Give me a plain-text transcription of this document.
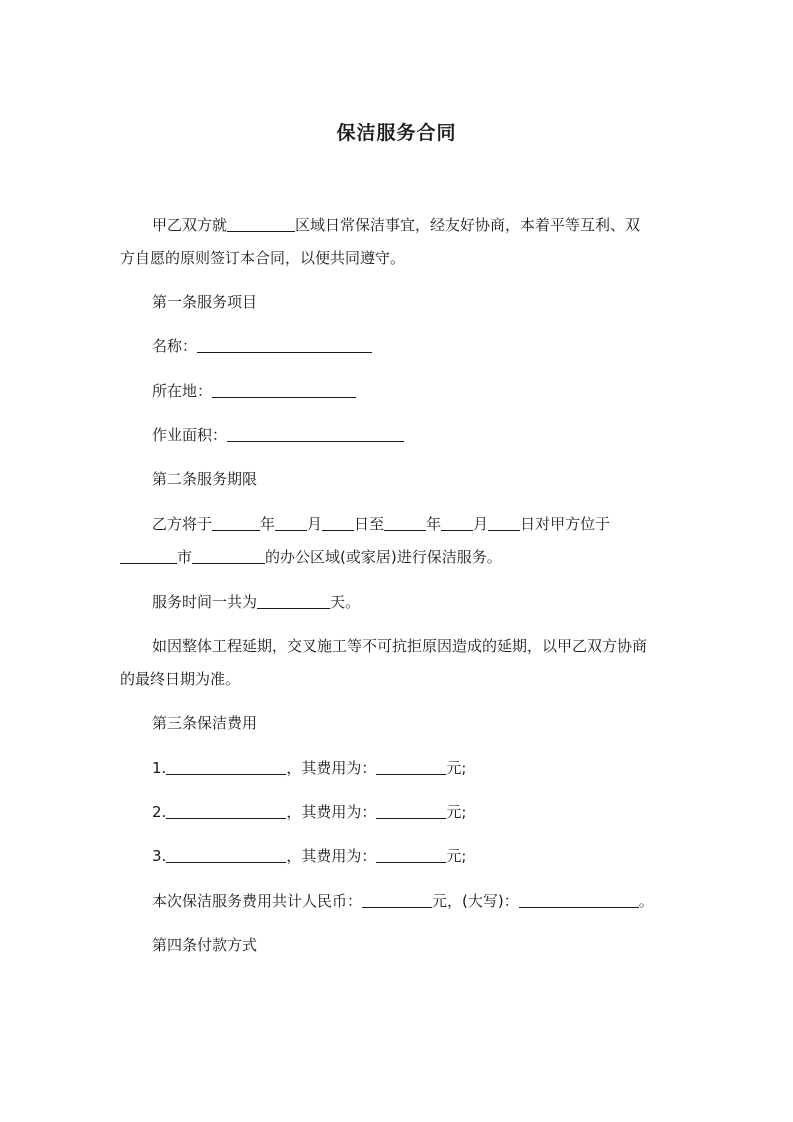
保洁服务合同
甲乙双方就	区域日常保洁事宜，经友好协商，本着平等互利、双
方自愿的原则签订本合同，以便共同遵守。
第一条服务项目
名称：
所在地：
作业面积：
第二条服务期限
乙方将于	年 月 日至	年 月 日对甲方位于
市	的办公区域(或家居)进行保洁服务。
服务时间一共为	天。
如因整体工程延期，交叉施工等不可抗拒原因造成的延期，以甲乙双方协商
的最终日期为准。
第三条保洁费用
1.	，其费用为：	元;
2.	，其费用为：	元;
3.	，其费用为：	元;
本次保洁服务费用共计人民币：	元，(大写)：	。
第四条付款方式
